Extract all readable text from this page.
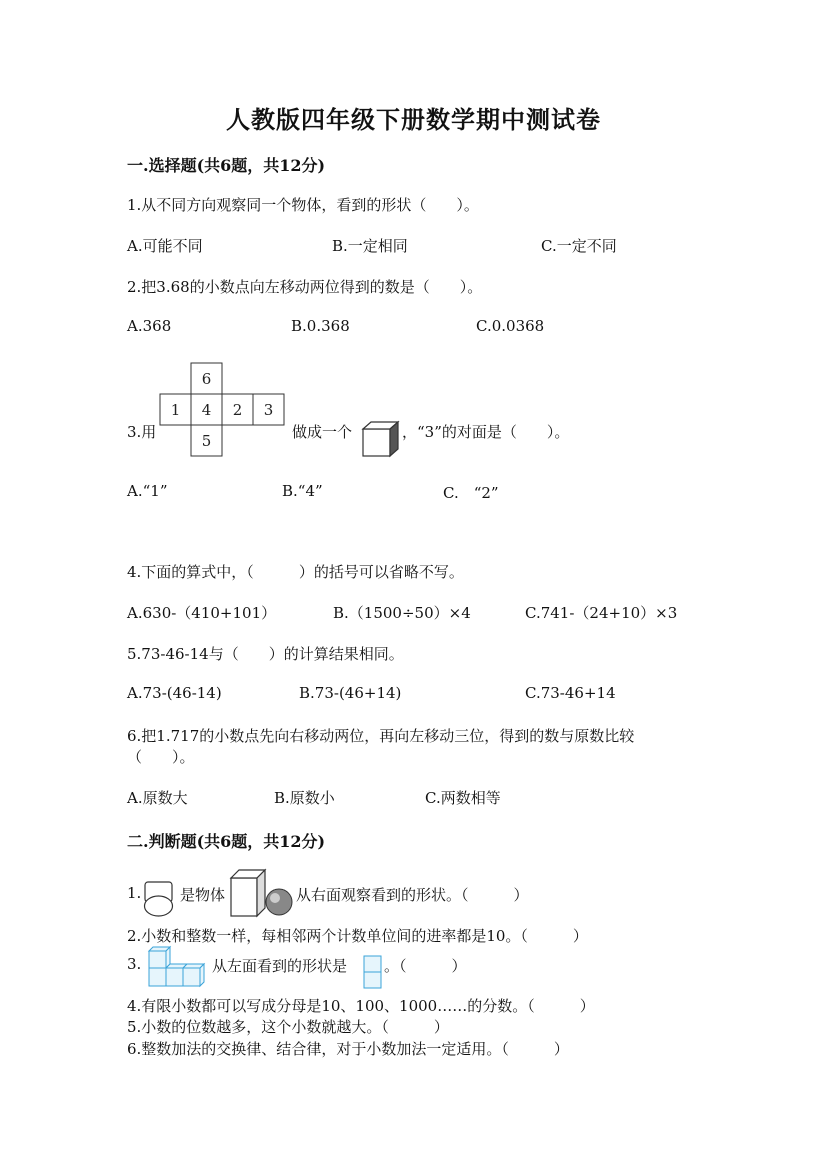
人教版四年级下册数学期中测试卷
一.选择题(共6题，共12分)
1.从不同方向观察同一个物体，看到的形状（　　）。
A.可能不同	B.一定相同	C.一定不同
2.把3.68的小数点向左移动两位得到的数是（　　）。
A.368	B.0.368	C.0.0368
3.用
6
1 4 2 3
5	做成一个	，“3”的对面是（　　）。
A.“1”	B.“4”	C.　“2”
4.下面的算式中，（　　　）的括号可以省略不写。
A.630-（410+101）	B.（1500÷50）×4	C.741-（24+10）×3
5.73-46-14与（　　）的计算结果相同。
A.73-(46-14)	B.73-(46+14)	C.73-46+14
6.把1.717的小数点先向右移动两位，再向左移动三位，得到的数与原数比较
（　　）。
A.原数大	B.原数小	C.两数相等
二.判断题(共6题，共12分)
1.	是物体	从右面观察看到的形状。（　　　）
2.小数和整数一样，每相邻两个计数单位间的进率都是10。（　　　）
3.	从左面看到的形状是 。（　　　）
4.有限小数都可以写成分母是10、100、1000……的分数。（　　　）
5.小数的位数越多，这个小数就越大。（　　　）
6.整数加法的交换律、结合律，对于小数加法一定适用。（　　　）
